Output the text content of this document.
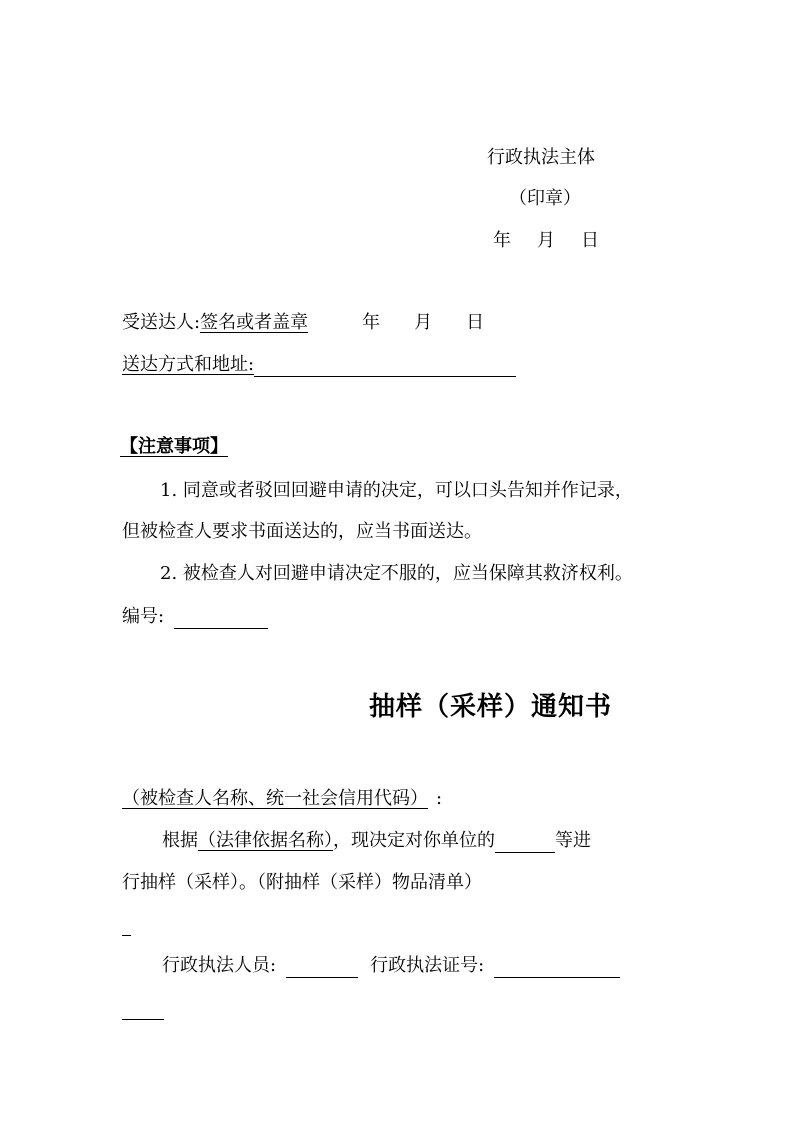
行政执法主体
（印章）
年 月 日
受送达人:签名或者盖章	年 月 日
送达方式和地址:
【注意事项】
1. 同意或者驳回回避申请的决定，可以口头告知并作记录，
但被检查人要求书面送达的，应当书面送达。
2. 被检查人对回避申请决定不服的，应当保障其救济权利。
编号:
抽样（采样）通知书
（被检查人名称、统一社会信用代码） :
根据（法律依据名称），现决定对你单位的	等进
行抽样（采样）。（附抽样（采样）物品清单）
行政执法人员:	行政执法证号:
